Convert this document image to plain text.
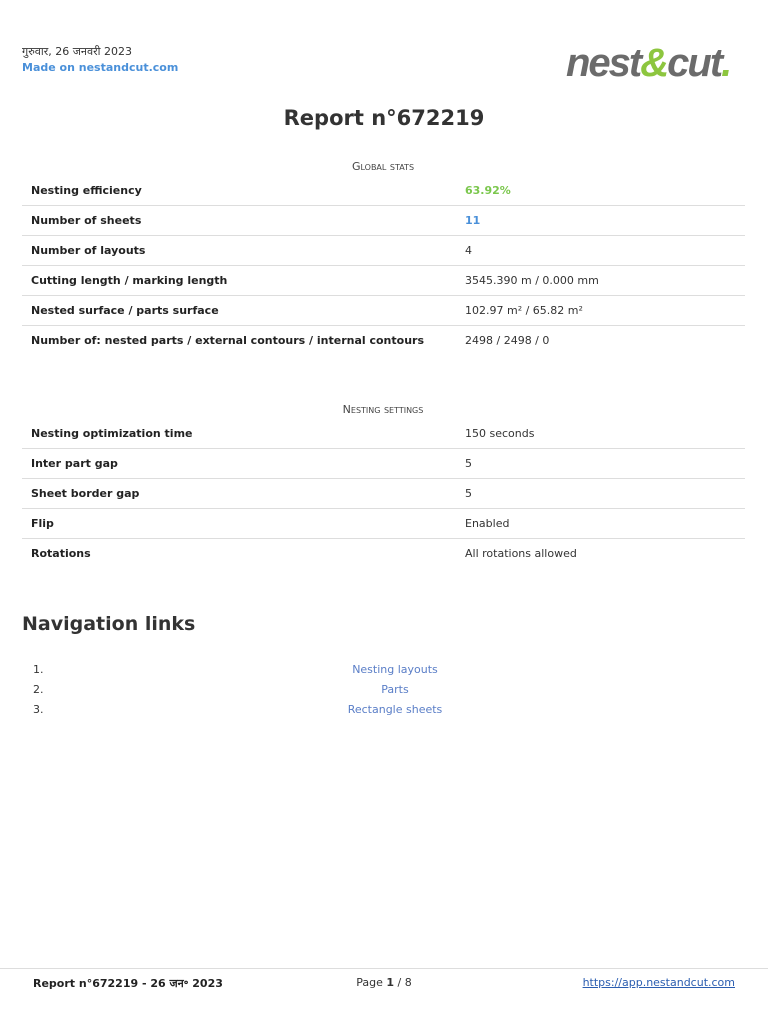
गुरुवार, 26 जनवरी 2023
Made on nestandcut.com	nest&cut.
Report n°672219
Global stats
Nesting efficiency	63.92%
Number of sheets	11
Number of layouts	4
Cutting length / marking length	3545.390 m / 0.000 mm
Nested surface / parts surface	102.97 m² / 65.82 m²
Number of: nested parts / external contours / internal contours	2498 / 2498 / 0
Nesting settings
Nesting optimization time	150 seconds
Inter part gap	5
Sheet border gap	5
Flip	Enabled
Rotations	All rotations allowed
Navigation links
1.	Nesting layouts
2.	Parts
3.	Rectangle sheets
Report n°672219 - 26 जन॰ 2023	Page 1 / 8	https://app.nestandcut.com
